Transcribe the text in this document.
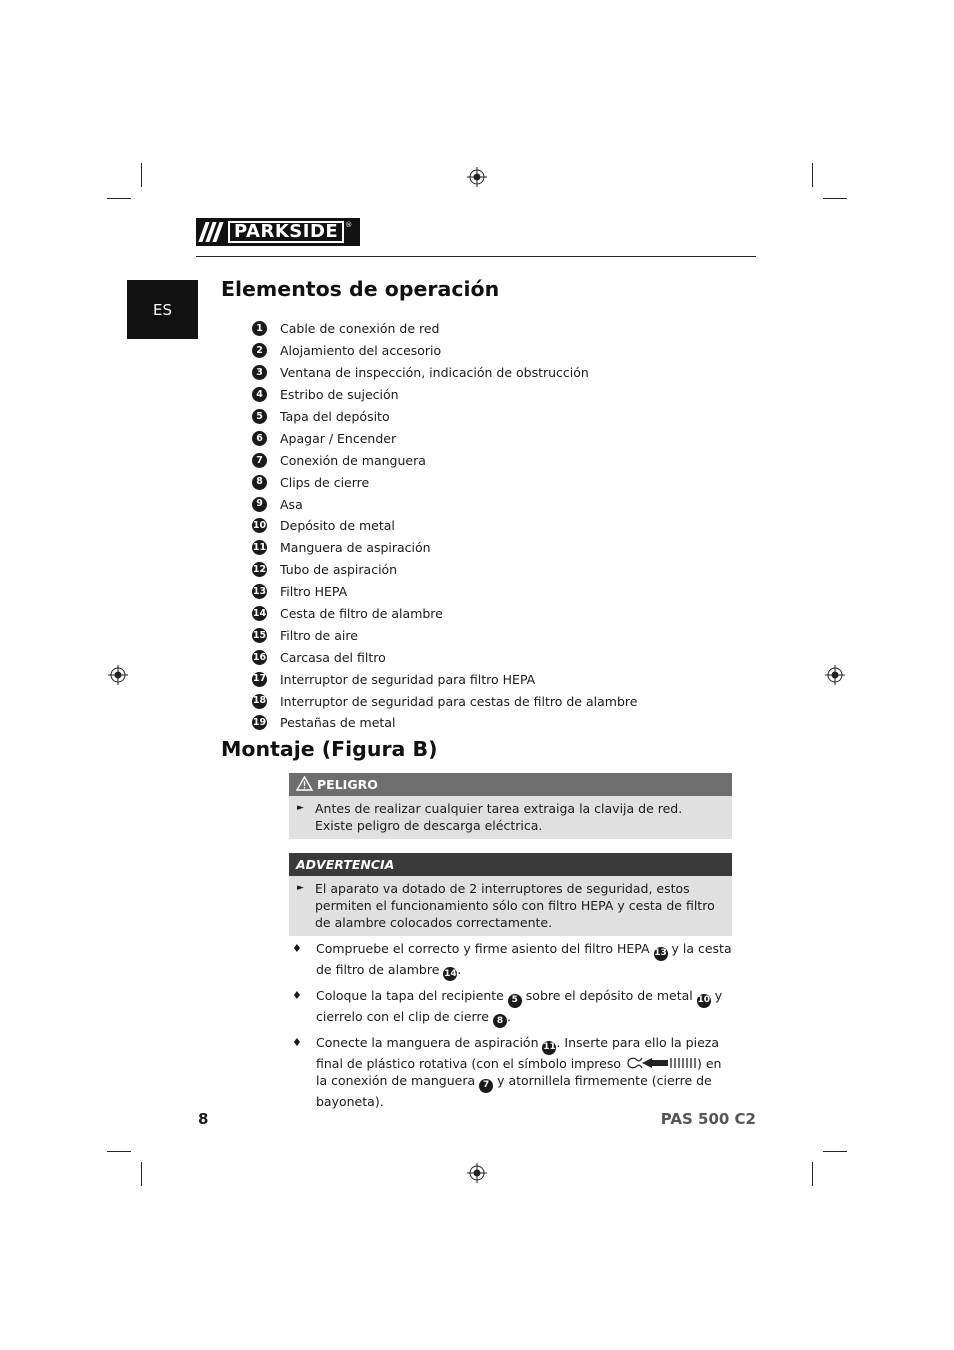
PARKSIDE	®
ES
Elementos de operación
1	Cable de conexión de red
2	Alojamiento del accesorio
3	Ventana de inspección, indicación de obstrucción
4	Estribo de sujeción
5	Tapa del depósito
6	Apagar / Encender
7	Conexión de manguera
8	Clips de cierre
9	Asa
10 Depósito de metal
11 Manguera de aspiración
12 Tubo de aspiración
13 Filtro HEPA
14 Cesta de filtro de alambre
15 Filtro de aire
16 Carcasa del filtro
17 Interruptor de seguridad para filtro HEPA
18 Interruptor de seguridad para cestas de filtro de alambre
19 Pestañas de metal
Montaje (Figura B)
PELIGRO
► Antes de realizar cualquier tarea extraiga la clavija de red. Existe peligro de descarga eléctrica.
ADVERTENCIA
► El aparato va dotado de 2 interruptores de seguridad, estos permiten el funcionamiento sólo con filtro HEPA y cesta de filtro de alambre colocados correctamente.
♦	Compruebe el correcto y firme asiento del filtro HEPA 13 y la cesta de filtro de alambre 14.
♦	Coloque la tapa del recipiente 5 sobre el depósito de metal 10 y cierrelo con el clip de cierre 8 .
♦	Conecte la manguera de aspiración 11. Inserte para ello la pieza final de plástico rotativa (con el símbolo impreso	) en la conexión de manguera 7 y atornillela firmemente (cierre de bayoneta).
8	PAS 500 C2
